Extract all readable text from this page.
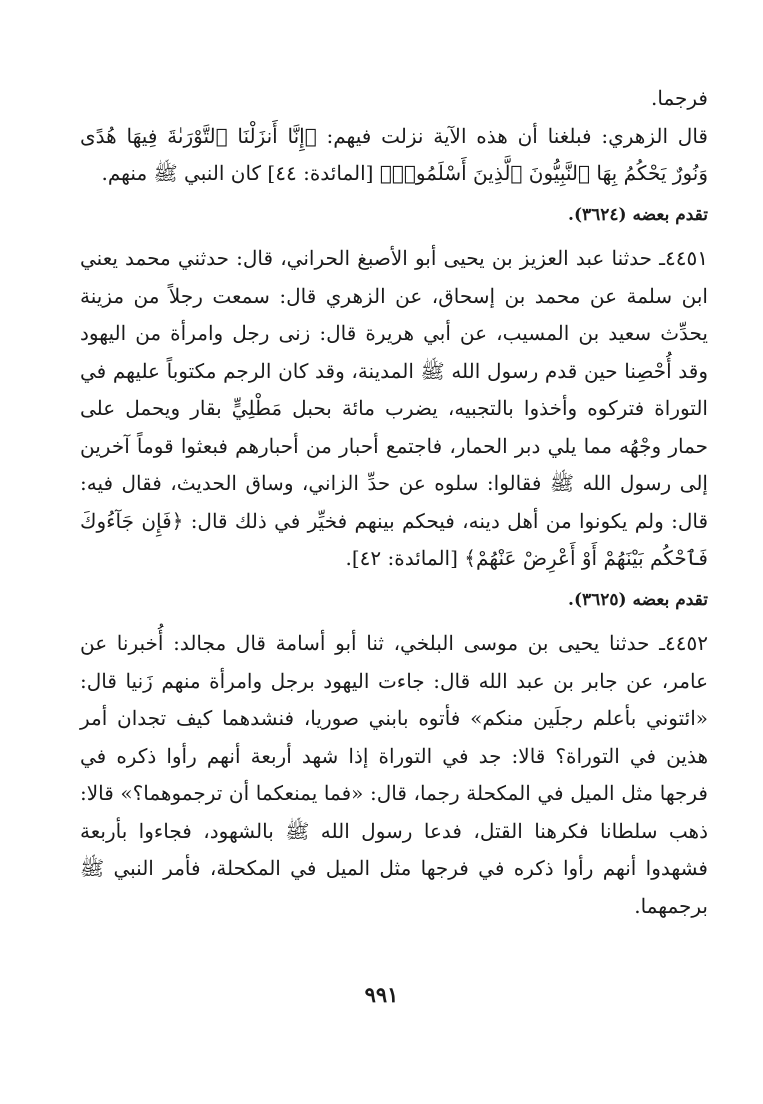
فرجما.

قال الزهري: فبلغنا أن هذه الآية نزلت فيهم: ﴿إِنَّا أَنزَلْنَا ٱلتَّوْرَىٰةَ فِيهَا هُدًى وَنُورٌ يَحْكُمُ بِهَا ٱلنَّبِيُّونَ ٱلَّذِينَ أَسْلَمُوا۟﴾ [المائدة: ٤٤] كان النبي ﷺ منهم.

تقدم بعضه (٣٦٢٤).

٤٤٥١ـ حدثنا عبد العزيز بن يحيى أبو الأصبغ الحراني، قال: حدثني محمد يعني ابن سلمة عن محمد بن إسحاق، عن الزهري قال: سمعت رجلاً من مزينة يحدِّث سعيد بن المسيب، عن أبي هريرة قال: زنى رجل وامرأة من اليهود وقد أُحْصِنا حين قدم رسول الله ﷺ المدينة، وقد كان الرجم مكتوباً عليهم في التوراة فتركوه وأخذوا بالتجبيه، يضرب مائة بحبل مَطْلِيٍّ بقار ويحمل على حمار وجْهُه مما يلي دبر الحمار، فاجتمع أحبار من أحبارهم فبعثوا قوماً آخرين إلى رسول الله ﷺ فقالوا: سلوه عن حدِّ الزاني، وساق الحديث، فقال فيه: قال: ولم يكونوا من أهل دينه، فيحكم بينهم فخيِّر في ذلك قال: ﴿فَإِن جَآءُوكَ فَٱحْكُم بَيْنَهُمْ أَوْ أَعْرِضْ عَنْهُمْ﴾ [المائدة: ٤٢].

تقدم بعضه (٣٦٢٥).

٤٤٥٢ـ حدثنا يحيى بن موسى البلخي، ثنا أبو أسامة قال مجالد: أُخبرنا عن عامر، عن جابر بن عبد الله قال: جاءت اليهود برجل وامرأة منهم زَنيا قال: «ائتوني بأعلم رجلَين منكم» فأتوه بابني صوريا، فنشدهما كيف تجدان أمر هذين في التوراة؟ قالا: جد في التوراة إذا شهد أربعة أنهم رأوا ذكره في فرجها مثل الميل في المكحلة رجما، قال: «فما يمنعكما أن ترجموهما؟» قالا: ذهب سلطانا فكرهنا القتل، فدعا رسول الله ﷺ بالشهود، فجاءوا بأربعة فشهدوا أنهم رأوا ذكره في فرجها مثل الميل في المكحلة، فأمر النبي ﷺ برجمهما.

٩٩١
